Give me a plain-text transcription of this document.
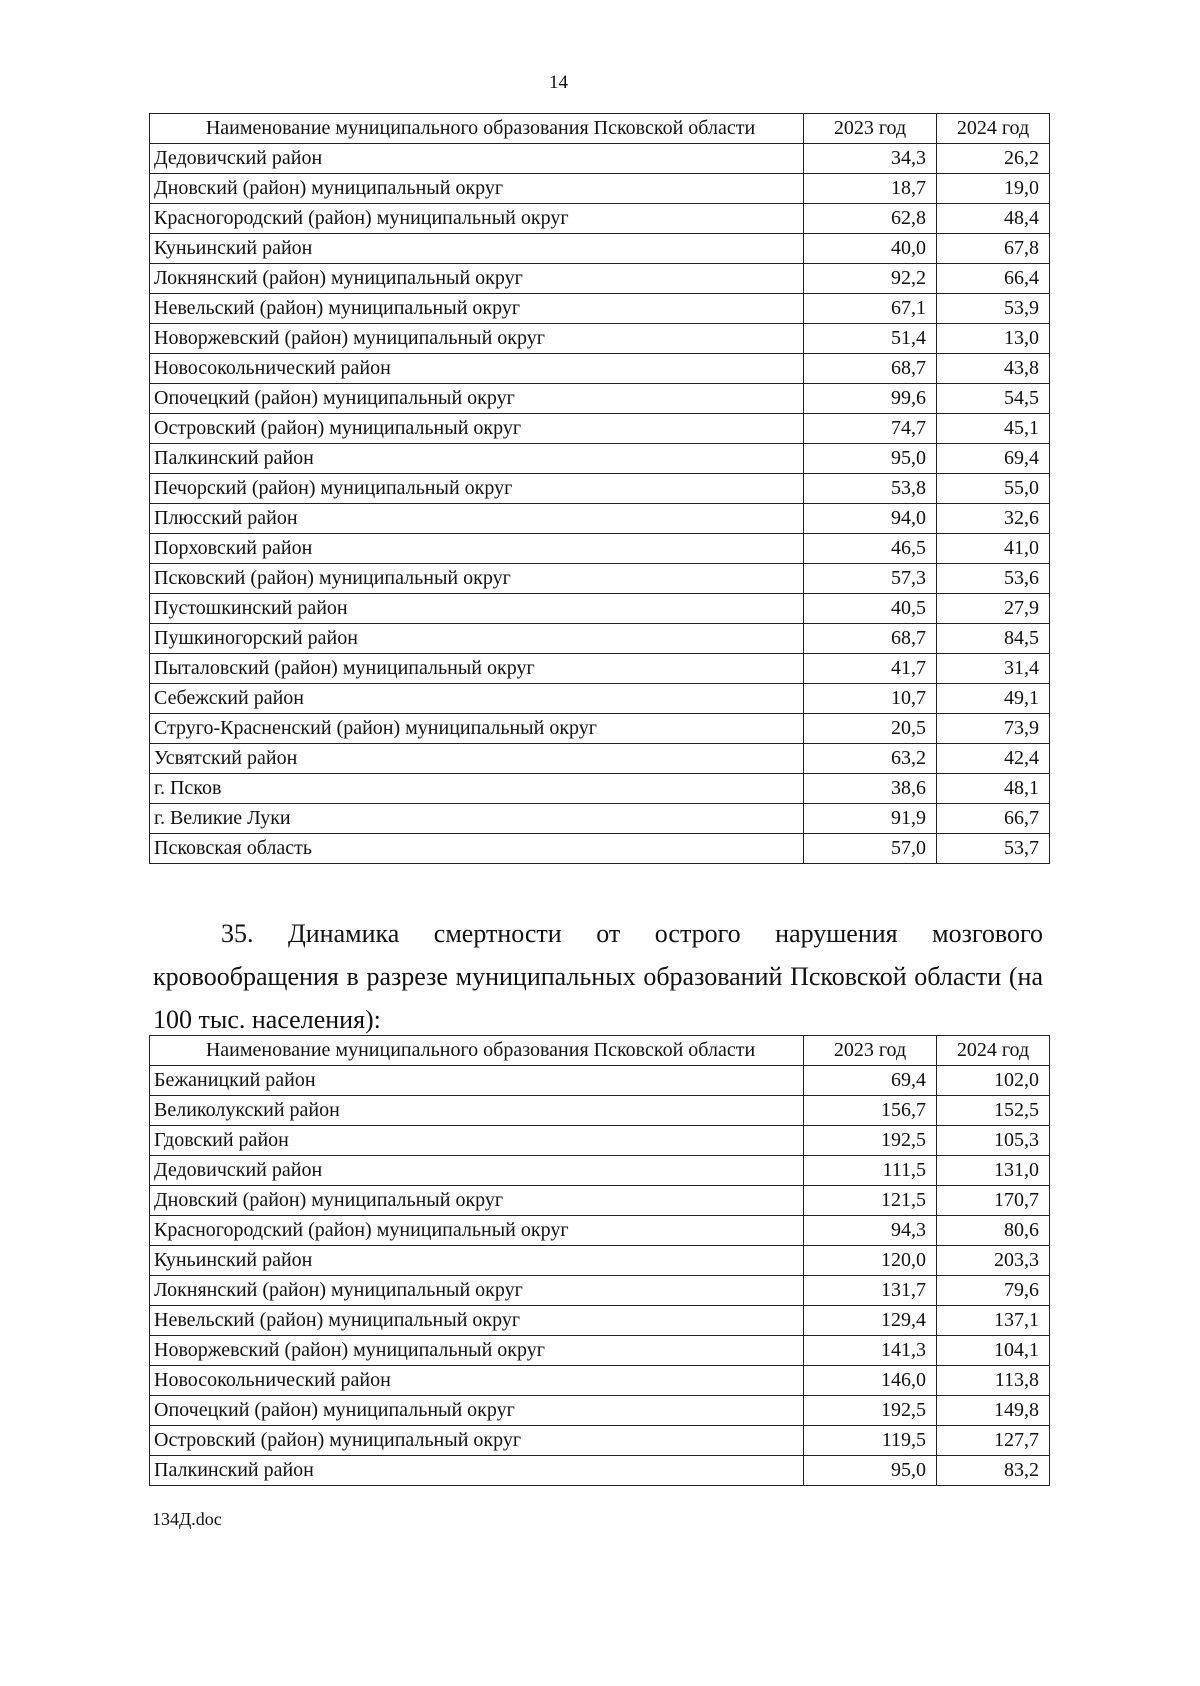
14
Наименование муниципального образования Псковской области	2023 год	2024 год
Дедовичский район	34,3	26,2
Дновский (район) муниципальный округ	18,7	19,0
Красногородский (район) муниципальный округ	62,8	48,4
Куньинский район	40,0	67,8
Локнянский (район) муниципальный округ	92,2	66,4
Невельский (район) муниципальный округ	67,1	53,9
Новоржевский (район) муниципальный округ	51,4	13,0
Новосокольнический район	68,7	43,8
Опочецкий (район) муниципальный округ	99,6	54,5
Островский (район) муниципальный округ	74,7	45,1
Палкинский район	95,0	69,4
Печорский (район) муниципальный округ	53,8	55,0
Плюсский район	94,0	32,6
Порховский район	46,5	41,0
Псковский (район) муниципальный округ	57,3	53,6
Пустошкинский район	40,5	27,9
Пушкиногорский район	68,7	84,5
Пыталовский (район) муниципальный округ	41,7	31,4
Себежский район	10,7	49,1
Струго-Красненский (район) муниципальный округ	20,5	73,9
Усвятский район	63,2	42,4
г. Псков	38,6	48,1
г. Великие Луки	91,9	66,7
Псковская область	57,0	53,7

35. Динамика смертности от острого нарушения мозгового кровообращения в разрезе муниципальных образований Псковской области (на 100 тыс. населения):

Наименование муниципального образования Псковской области	2023 год	2024 год
Бежаницкий район	69,4	102,0
Великолукский район	156,7	152,5
Гдовский район	192,5	105,3
Дедовичский район	111,5	131,0
Дновский (район) муниципальный округ	121,5	170,7
Красногородский (район) муниципальный округ	94,3	80,6
Куньинский район	120,0	203,3
Локнянский (район) муниципальный округ	131,7	79,6
Невельский (район) муниципальный округ	129,4	137,1
Новоржевский (район) муниципальный округ	141,3	104,1
Новосокольнический район	146,0	113,8
Опочецкий (район) муниципальный округ	192,5	149,8
Островский (район) муниципальный округ	119,5	127,7
Палкинский район	95,0	83,2
134Д.doc
